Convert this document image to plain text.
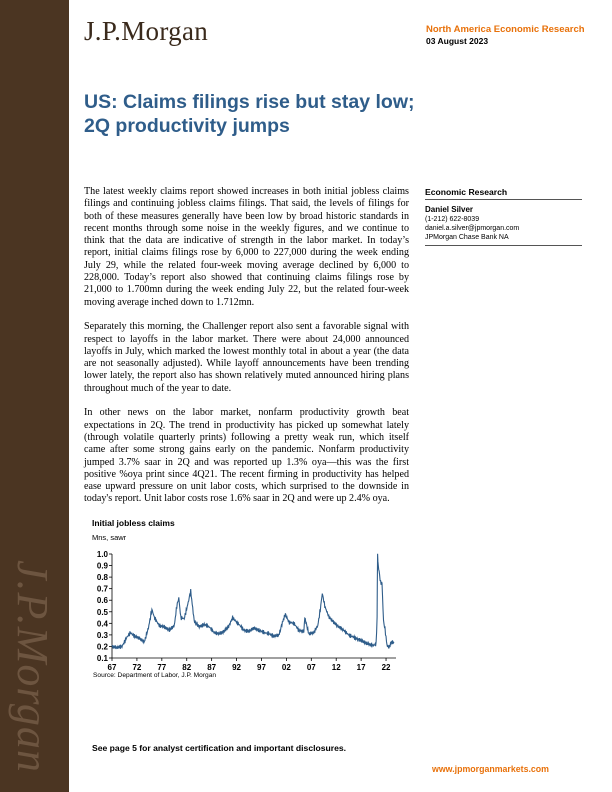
J.P.Morgan
J.P.Morgan	North America Economic Research
03 August 2023
US: Claims filings rise but stay low; 2Q productivity jumps

The latest weekly claims report showed increases in both initial jobless claims filings and continuing jobless claims filings. That said, the levels of filings for both of these measures generally have been low by broad historic standards in recent months through some noise in the weekly figures, and we continue to think that the data are indicative of strength in the labor market. In today’s report, initial claims filings rose by 6,000 to 227,000 during the week ending July 29, while the related four-week moving average declined by 6,000 to 228,000. Today’s report also showed that continuing claims filings rose by 21,000 to 1.700mn during the week ending July 22, but the related four-week moving average inched down to 1.712mn.

Separately this morning, the Challenger report also sent a favorable signal with respect to layoffs in the labor market. There were about 24,000 announced layoffs in July, which marked the lowest monthly total in about a year (the data are not seasonally adjusted). While layoff announcements have been trending lower lately, the report also has shown relatively muted announced hiring plans throughout much of the year to date.

In other news on the labor market, nonfarm productivity growth beat expectations in 2Q. The trend in productivity has picked up somewhat lately (through volatile quarterly prints) following a pretty weak run, which itself came after some strong gains early on the pandemic. Nonfarm productivity jumped 3.7% saar in 2Q and was reported up 1.3% oya—this was the first positive %oya print since 4Q21. The recent firming in productivity has helped ease upward pressure on unit labor costs, which surprised to the downside in today's report. Unit labor costs rose 1.6% saar in 2Q and were up 2.4% oya.

Economic Research
Daniel Silver
(1-212) 622-8039
daniel.a.silver@jpmorgan.com
JPMorgan Chase Bank NA
Initial jobless claims
Mns, sawr
1.0
0.9
0.8
0.7
0.6
0.5
0.4
0.3
0.2
0.1
67 72 77 82 87 92 97 02 07 12 17 22
Source: Department of Labor, J.P. Morgan
See page 5 for analyst certification and important disclosures.
www.jpmorganmarkets.com
